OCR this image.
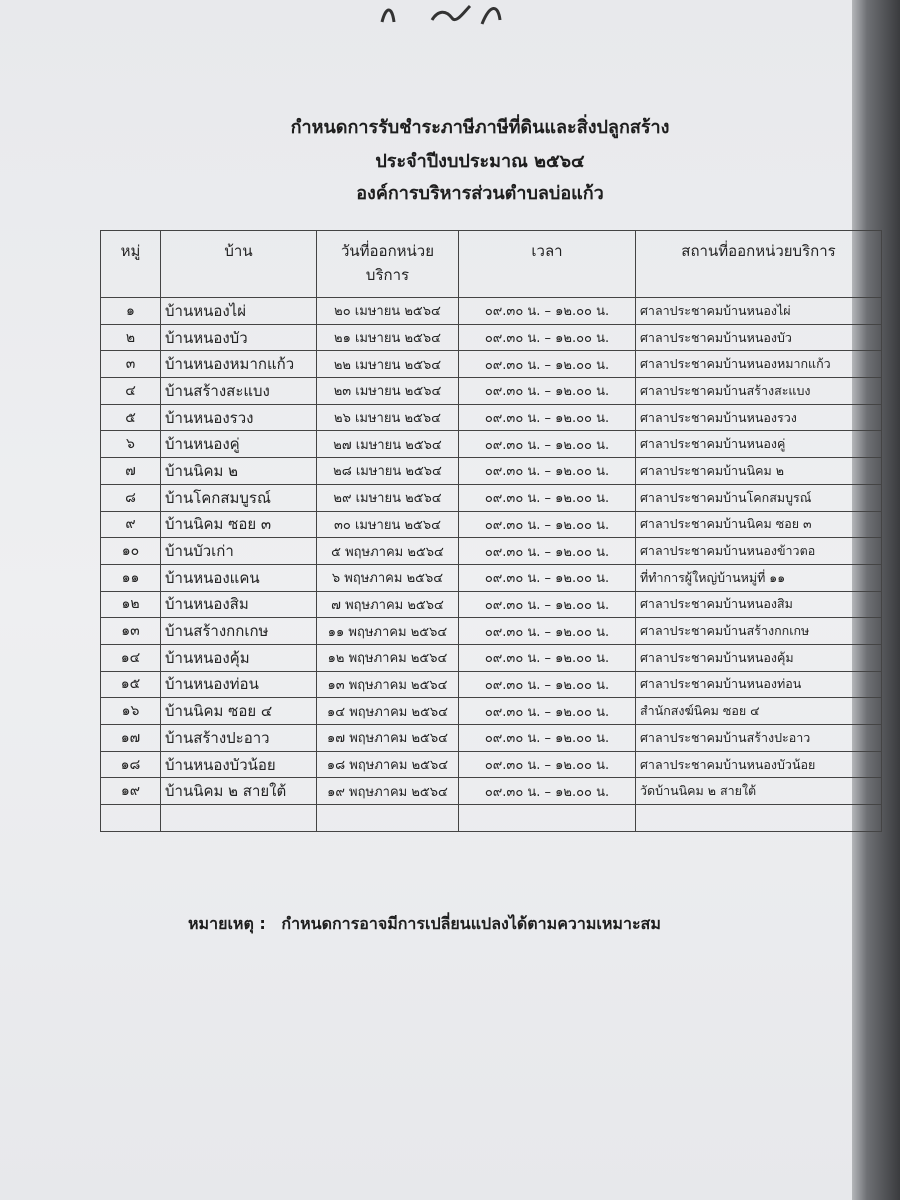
กำหนดการรับชำระภาษีภาษีที่ดินและสิ่งปลูกสร้าง
ประจำปีงบประมาณ ๒๕๖๔
องค์การบริหารส่วนตำบลบ่อแก้ว
หมู่	บ้าน	วันที่ออกหน่วยบริการ	เวลา	สถานที่ออกหน่วยบริการ
๑	บ้านหนองไผ่	๒๐ เมษายน ๒๕๖๔	๐๙.๓๐ น. – ๑๒.๐๐ น.	ศาลาประชาคมบ้านหนองไผ่
๒	บ้านหนองบัว	๒๑ เมษายน ๒๕๖๔	๐๙.๓๐ น. – ๑๒.๐๐ น.	ศาลาประชาคมบ้านหนองบัว
๓	บ้านหนองหมากแก้ว	๒๒ เมษายน ๒๕๖๔	๐๙.๓๐ น. – ๑๒.๐๐ น.	ศาลาประชาคมบ้านหนองหมากแก้ว
๔	บ้านสร้างสะแบง	๒๓ เมษายน ๒๕๖๔	๐๙.๓๐ น. – ๑๒.๐๐ น.	ศาลาประชาคมบ้านสร้างสะแบง
๕	บ้านหนองรวง	๒๖ เมษายน ๒๕๖๔	๐๙.๓๐ น. – ๑๒.๐๐ น.	ศาลาประชาคมบ้านหนองรวง
๖	บ้านหนองคู่	๒๗ เมษายน ๒๕๖๔	๐๙.๓๐ น. – ๑๒.๐๐ น.	ศาลาประชาคมบ้านหนองคู่
๗	บ้านนิคม ๒	๒๘ เมษายน ๒๕๖๔	๐๙.๓๐ น. – ๑๒.๐๐ น.	ศาลาประชาคมบ้านนิคม ๒
๘	บ้านโคกสมบูรณ์	๒๙ เมษายน ๒๕๖๔	๐๙.๓๐ น. – ๑๒.๐๐ น.	ศาลาประชาคมบ้านโคกสมบูรณ์
๙	บ้านนิคม ซอย ๓	๓๐ เมษายน ๒๕๖๔	๐๙.๓๐ น. – ๑๒.๐๐ น.	ศาลาประชาคมบ้านนิคม ซอย ๓
๑๐	บ้านบัวเก่า	๕ พฤษภาคม ๒๕๖๔	๐๙.๓๐ น. – ๑๒.๐๐ น.	ศาลาประชาคมบ้านหนองข้าวตอ
๑๑	บ้านหนองแคน	๖ พฤษภาคม ๒๕๖๔	๐๙.๓๐ น. – ๑๒.๐๐ น.	ที่ทำการผู้ใหญ่บ้านหมู่ที่ ๑๑
๑๒	บ้านหนองสิม	๗ พฤษภาคม ๒๕๖๔	๐๙.๓๐ น. – ๑๒.๐๐ น.	ศาลาประชาคมบ้านหนองสิม
๑๓	บ้านสร้างกกเกษ	๑๑ พฤษภาคม ๒๕๖๔	๐๙.๓๐ น. – ๑๒.๐๐ น.	ศาลาประชาคมบ้านสร้างกกเกษ
๑๔	บ้านหนองคุ้ม	๑๒ พฤษภาคม ๒๕๖๔	๐๙.๓๐ น. – ๑๒.๐๐ น.	ศาลาประชาคมบ้านหนองคุ้ม
๑๕	บ้านหนองท่อน	๑๓ พฤษภาคม ๒๕๖๔	๐๙.๓๐ น. – ๑๒.๐๐ น.	ศาลาประชาคมบ้านหนองท่อน
๑๖	บ้านนิคม ซอย ๔	๑๔ พฤษภาคม ๒๕๖๔	๐๙.๓๐ น. – ๑๒.๐๐ น.	สำนักสงฆ์นิคม ซอย ๔
๑๗	บ้านสร้างปะอาว	๑๗ พฤษภาคม ๒๕๖๔	๐๙.๓๐ น. – ๑๒.๐๐ น.	ศาลาประชาคมบ้านสร้างปะอาว
๑๘	บ้านหนองบัวน้อย	๑๘ พฤษภาคม ๒๕๖๔	๐๙.๓๐ น. – ๑๒.๐๐ น.	ศาลาประชาคมบ้านหนองบัวน้อย
๑๙	บ้านนิคม ๒ สายใต้	๑๙ พฤษภาคม ๒๕๖๔	๐๙.๓๐ น. – ๑๒.๐๐ น.	วัดบ้านนิคม ๒ สายใต้

หมายเหตุ : กำหนดการอาจมีการเปลี่ยนแปลงได้ตามความเหมาะสม
